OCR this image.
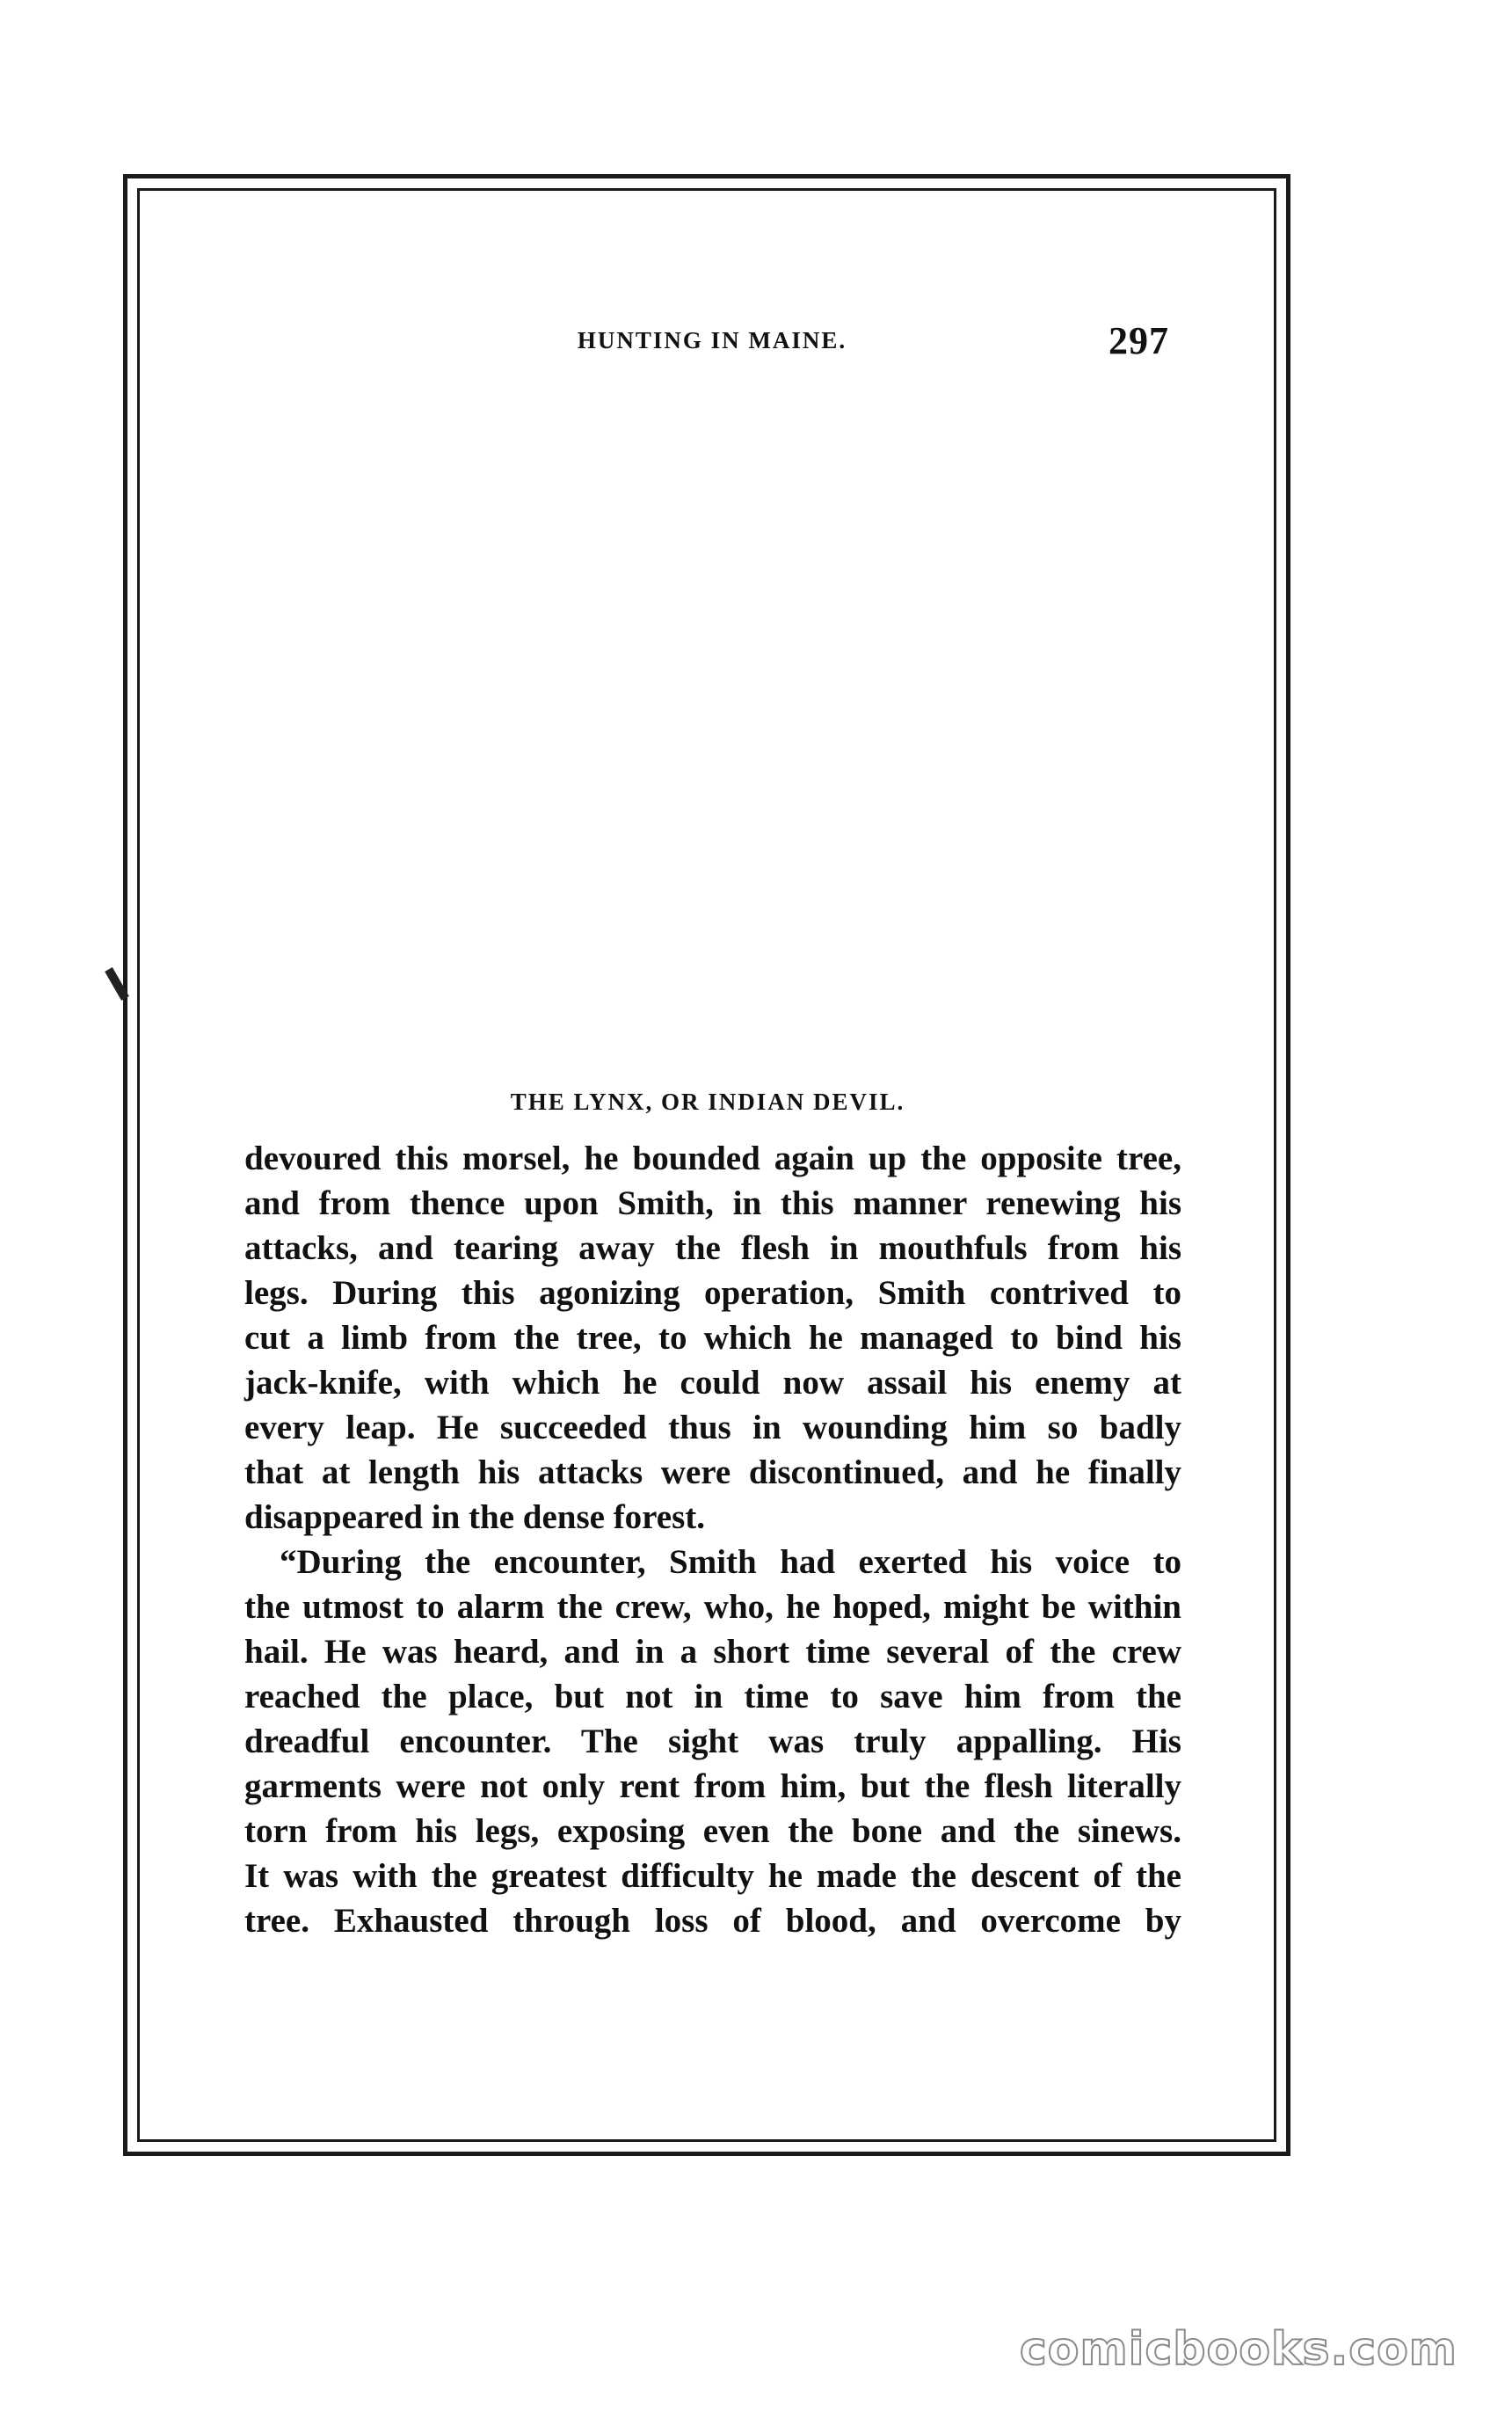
HUNTING IN MAINE.	297
THE LYNX, OR INDIAN DEVIL.
devoured this morsel, he bounded again up the opposite tree,
and from thence upon Smith, in this manner renewing his
attacks, and tearing away the flesh in mouthfuls from his
legs. During this agonizing operation, Smith contrived to
cut a limb from the tree, to which he managed to bind his
jack-knife, with which he could now assail his enemy at
every leap. He succeeded thus in wounding him so badly
that at length his attacks were discontinued, and he finally
disappeared in the dense forest.
“During the encounter, Smith had exerted his voice to
the utmost to alarm the crew, who, he hoped, might be within
hail. He was heard, and in a short time several of the crew
reached the place, but not in time to save him from the
dreadful encounter. The sight was truly appalling. His
garments were not only rent from him, but the flesh literally
torn from his legs, exposing even the bone and the sinews.
It was with the greatest difficulty he made the descent of the
tree. Exhausted through loss of blood, and overcome by
comicbooks.com
